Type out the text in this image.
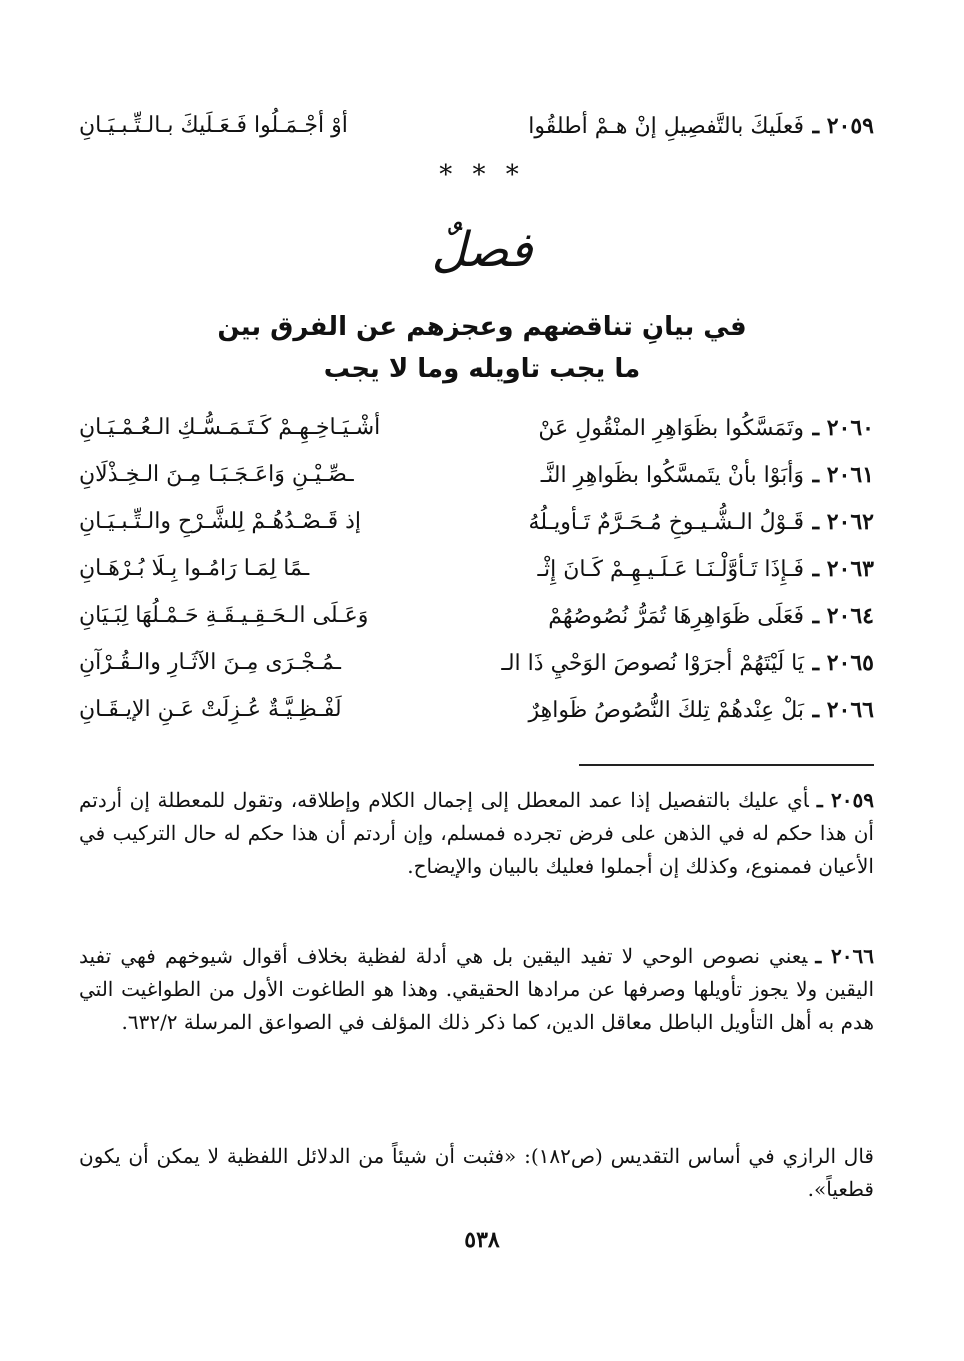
٢٠٥٩ ـفَعلَيكَ بالتَّفصِيلِ إنْ هـمْ أطلقُوا
أوْ أجْـمَـلُوا فَـعَـلَيكَ بـالـتِّـبـيَـانِ
* * *
فصلٌ
في بيانِ تناقضهم وعجزهم عن الفرق بين
ما يجب تاويله وما لا يجب
٢٠٦٠ ـوتَمَسَّكُوا بظَوَاهِرِ المنْقُولِ عَنْ
أشْـيَـاخِـهِـمْ كَـتَـمَـسُّـكِ الـعُـمْـيَـانِ
٢٠٦١ ـوَأبَوْا بأنْ يتَمسَّكُوا بظَواهِرِ النَّـ
ـصِّـيْـنِ وَاعَـجَـبَـا مِـنَ الـخِـذْلَانِ
٢٠٦٢ ـقَـوْلُ الـشُّـيـوخِ مُـحَـرَّمٌ تَـأويـلُهُ
إذ قَـصْـدُهُـمْ لِلشَّـرْحِ والـتِّـبـيَـانِ
٢٠٦٣ ـفَـإِذَا تَـأوَّلْـنَـا عَـلَـيـهِـمْ كَـانَ إِثْـ
ـمًا لِمَـا رَامُـوا بِـلَا بُـرْهَـانِ
٢٠٦٤ ـفَعَلَى ظَوَاهِرِهَا تُمَرُّ نُصُوصُهُمْ
وَعَـلَى الـحَـقِـيـقَـةِ حَـمْـلُهَا لِبَـيَانِ
٢٠٦٥ ـيَا لَيْتَهُمْ أجرَوْا نُصوصَ الوَحْيِ ذَا الـ
ـمُـجْـرَى مِـنَ الآثَـارِ والـقُـرْآنِ
٢٠٦٦ ـبَلْ عِنْدهُمْ تِلكَ النُّصُوصُ ظَواهِرٌ
لَفْـظِـيَّـةٌ عُـزِلَتْ عَـنِ الإيـقَـانِ
٢٠٥٩ ـأي عليك بالتفصيل إذا عمد المعطل إلى إجمال الكلام وإطلاقه، وتقول للمعطلة إن أردتم أن هذا حكم له في الذهن على فرض تجرده فمسلم، وإن أردتم أن هذا حكم له حال التركيب في الأعيان فممنوع، وكذلك إن أجملوا فعليك بالبيان والإيضاح.
٢٠٦٦ ـيعني نصوص الوحي لا تفيد اليقين بل هي أدلة لفظية بخلاف أقوال شيوخهم فهي تفيد اليقين ولا يجوز تأويلها وصرفها عن مرادها الحقيقي. وهذا هو الطاغوت الأول من الطواغيت التي هدم به أهل التأويل الباطل معاقل الدين، كما ذكر ذلك المؤلف في الصواعق المرسلة ٦٣٢/٢.
قال الرازي في أساس التقديس (ص١٨٢): «فثبت أن شيئاً من الدلائل اللفظية لا يمكن أن يكون قطعياً».
٥٣٨
